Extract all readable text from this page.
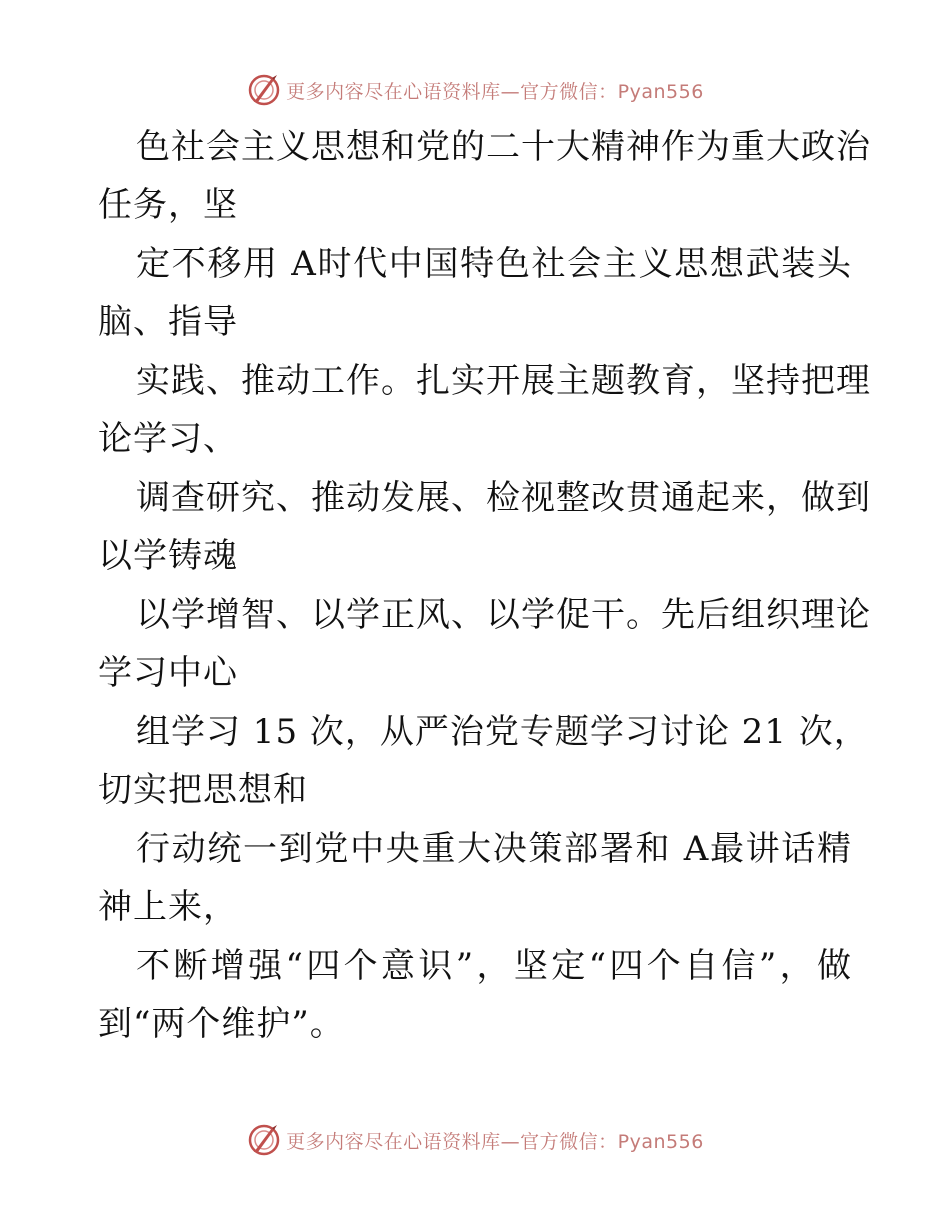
更多内容尽在心语资料库—官方微信：Pyan556
色社会主义思想和党的二十大精神作为重大政治
任务，坚
定不移用 A时代中国特色社会主义思想武装头
脑、指导
实践、推动工作。扎实开展主题教育，坚持把理
论学习、
调查研究、推动发展、检视整改贯通起来，做到
以学铸魂
以学增智、以学正风、以学促干。先后组织理论
学习中心
组学习 15 次，从严治党专题学习讨论 21 次，
切实把思想和
行动统一到党中央重大决策部署和 A最讲话精
神上来，
不断增强“四个意识”，坚定“四个自信”，做
到“两个维护”。
更多内容尽在心语资料库—官方微信：Pyan556
